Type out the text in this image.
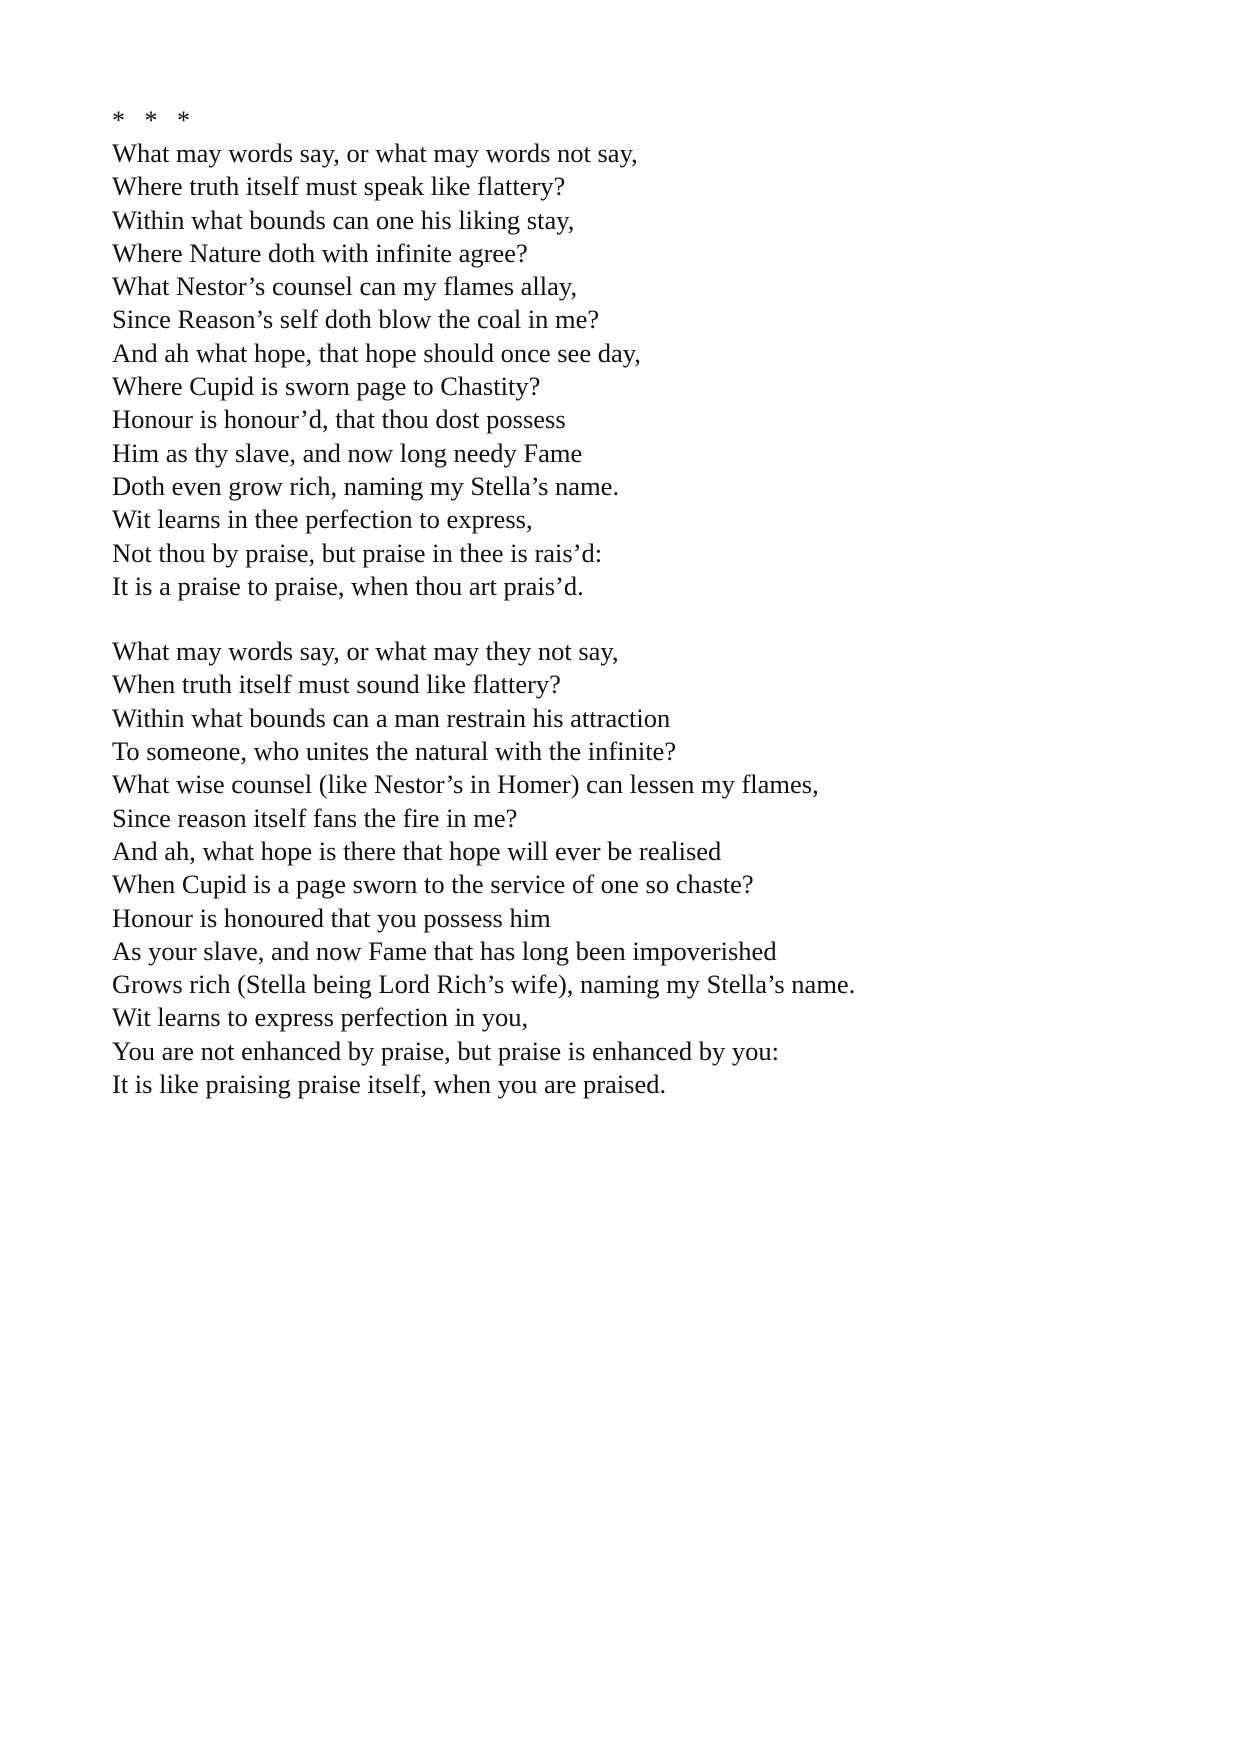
*   *   *
What may words say, or what may words not say,
Where truth itself must speak like flattery?
Within what bounds can one his liking stay,
Where Nature doth with infinite agree?
What Nestor’s counsel can my flames allay,
Since Reason’s self doth blow the coal in me?
And ah what hope, that hope should once see day,
Where Cupid is sworn page to Chastity?
Honour is honour’d, that thou dost possess
Him as thy slave, and now long needy Fame
Doth even grow rich, naming my Stella’s name.
Wit learns in thee perfection to express,
Not thou by praise, but praise in thee is rais’d:
It is a praise to praise, when thou art prais’d.
What may words say, or what may they not say,
When truth itself must sound like flattery?
Within what bounds can a man restrain his attraction
To someone, who unites the natural with the infinite?
What wise counsel (like Nestor’s in Homer) can lessen my flames,
Since reason itself fans the fire in me?
And ah, what hope is there that hope will ever be realised
When Cupid is a page sworn to the service of one so chaste?
Honour is honoured that you possess him
As your slave, and now Fame that has long been impoverished
Grows rich (Stella being Lord Rich’s wife), naming my Stella’s name.
Wit learns to express perfection in you,
You are not enhanced by praise, but praise is enhanced by you:
It is like praising praise itself, when you are praised.
